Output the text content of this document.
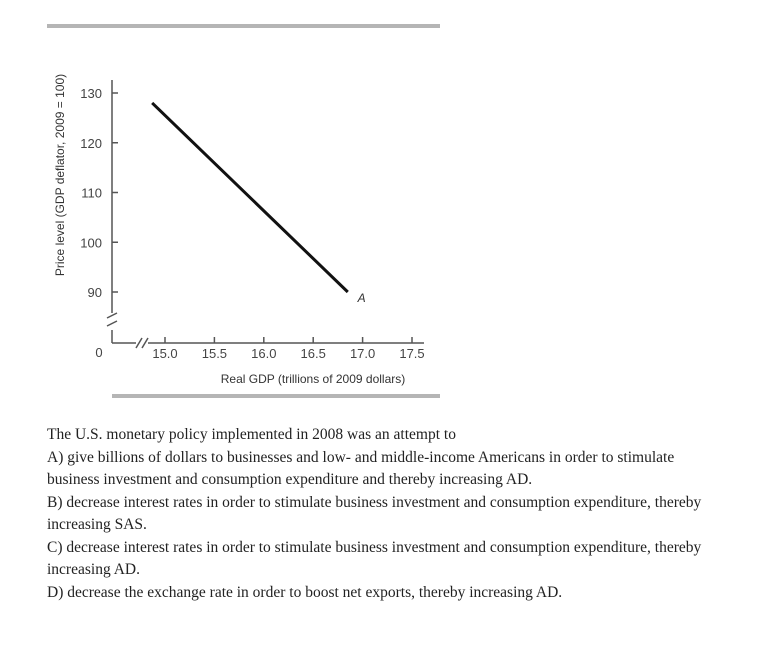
90
100
110
120
130
15.0 15.5 16.0 16.5 17.0 17.5
0
A
Real GDP (trillions of 2009 dollars)
Price level (GDP deflator, 2009 = 100)

The U.S. monetary policy implemented in 2008 was an attempt to

A) give billions of dollars to businesses and low- and middle-income Americans in order to stimulate business investment and consumption expenditure and thereby increasing AD.

B) decrease interest rates in order to stimulate business investment and consumption expenditure, thereby increasing SAS.

C) decrease interest rates in order to stimulate business investment and consumption expenditure, thereby increasing AD.

D) decrease the exchange rate in order to boost net exports, thereby increasing AD.
